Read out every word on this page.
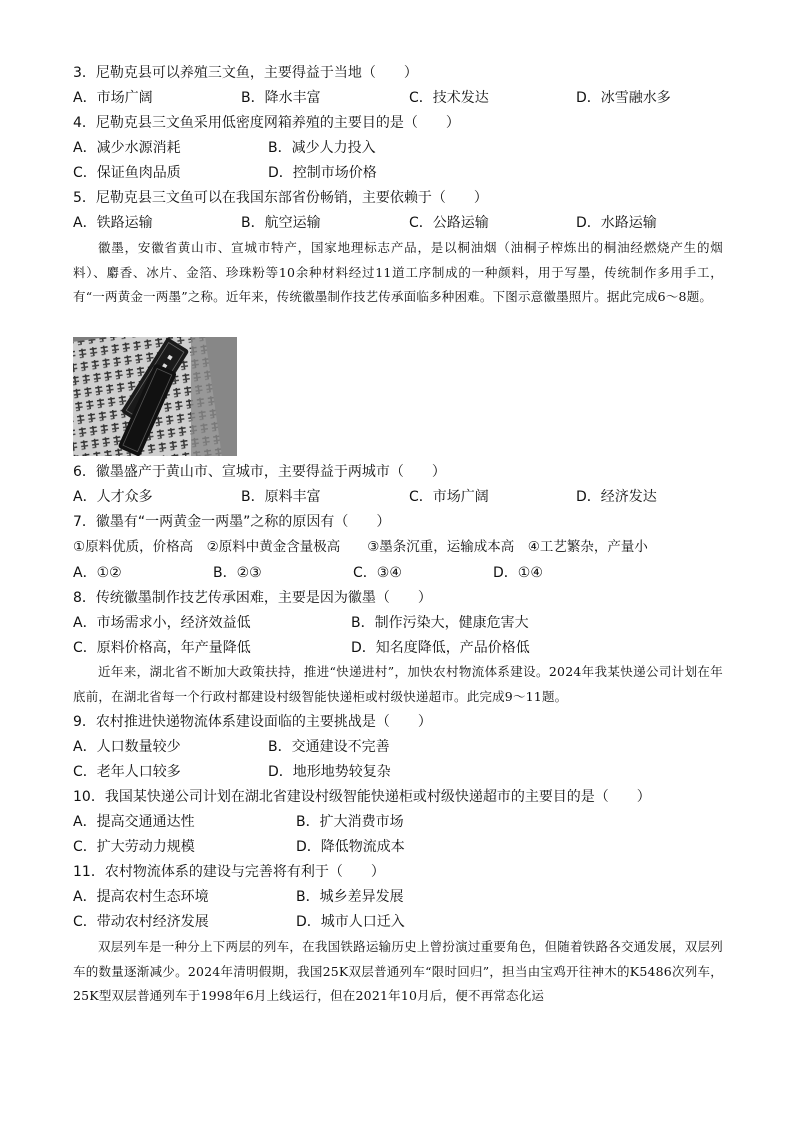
3．尼勒克县可以养殖三文鱼，主要得益于当地（　　）
A．市场广阔	B．降水丰富	C．技术发达	D．冰雪融水多
4．尼勒克县三文鱼采用低密度网箱养殖的主要目的是（　　）
A．减少水源消耗	B．减少人力投入
C．保证鱼肉品质	D．控制市场价格
5．尼勒克县三文鱼可以在我国东部省份畅销，主要依赖于（　　）
A．铁路运输	B．航空运输	C．公路运输	D．水路运输

徽墨，安徽省黄山市、宣城市特产，国家地理标志产品，是以桐油烟（油桐子榨炼出的桐油经燃烧产生的烟料）、麝香、冰片、金箔、珍珠粉等10余种材料经过11道工序制成的一种颜料，用于写墨，传统制作多用手工，有“一两黄金一两墨”之称。近年来，传统徽墨制作技艺传承面临多种困难。下图示意徽墨照片。据此完成6～8题。

6．徽墨盛产于黄山市、宣城市，主要得益于两城市（　　）
A．人才众多	B．原料丰富	C．市场广阔	D．经济发达
7．徽墨有“一两黄金一两墨”之称的原因有（　　）
①原料优质，价格高　②原料中黄金含量极高　　③墨条沉重，运输成本高　④工艺繁杂，产量小
A．①②	B．②③	C．③④	D．①④
8．传统徽墨制作技艺传承困难，主要是因为徽墨（　　）
A．市场需求小，经济效益低	B．制作污染大，健康危害大
C．原料价格高，年产量降低	D．知名度降低，产品价格低

近年来，湖北省不断加大政策扶持，推进“快递进村”，加快农村物流体系建设。2024年我某快递公司计划在年底前，在湖北省每一个行政村都建设村级智能快递柜或村级快递超市。此完成9～11题。

9．农村推进快递物流体系建设面临的主要挑战是（　　）
A．人口数量较少	B．交通建设不完善
C．老年人口较多	D．地形地势较复杂
10．我国某快递公司计划在湖北省建设村级智能快递柜或村级快递超市的主要目的是（　　）
A．提高交通通达性	B．扩大消费市场
C．扩大劳动力规模	D．降低物流成本
11．农村物流体系的建设与完善将有利于（　　）
A．提高农村生态环境	B．城乡差异发展
C．带动农村经济发展	D．城市人口迁入

双层列车是一种分上下两层的列车，在我国铁路运输历史上曾扮演过重要角色，但随着铁路各交通发展，双层列车的数量逐渐减少。2024年清明假期，我国25K双层普通列车“限时回归”，担当由宝鸡开往神木的K5486次列车，25K型双层普通列车于1998年6月上线运行，但在2021年10月后，便不再常态化运
